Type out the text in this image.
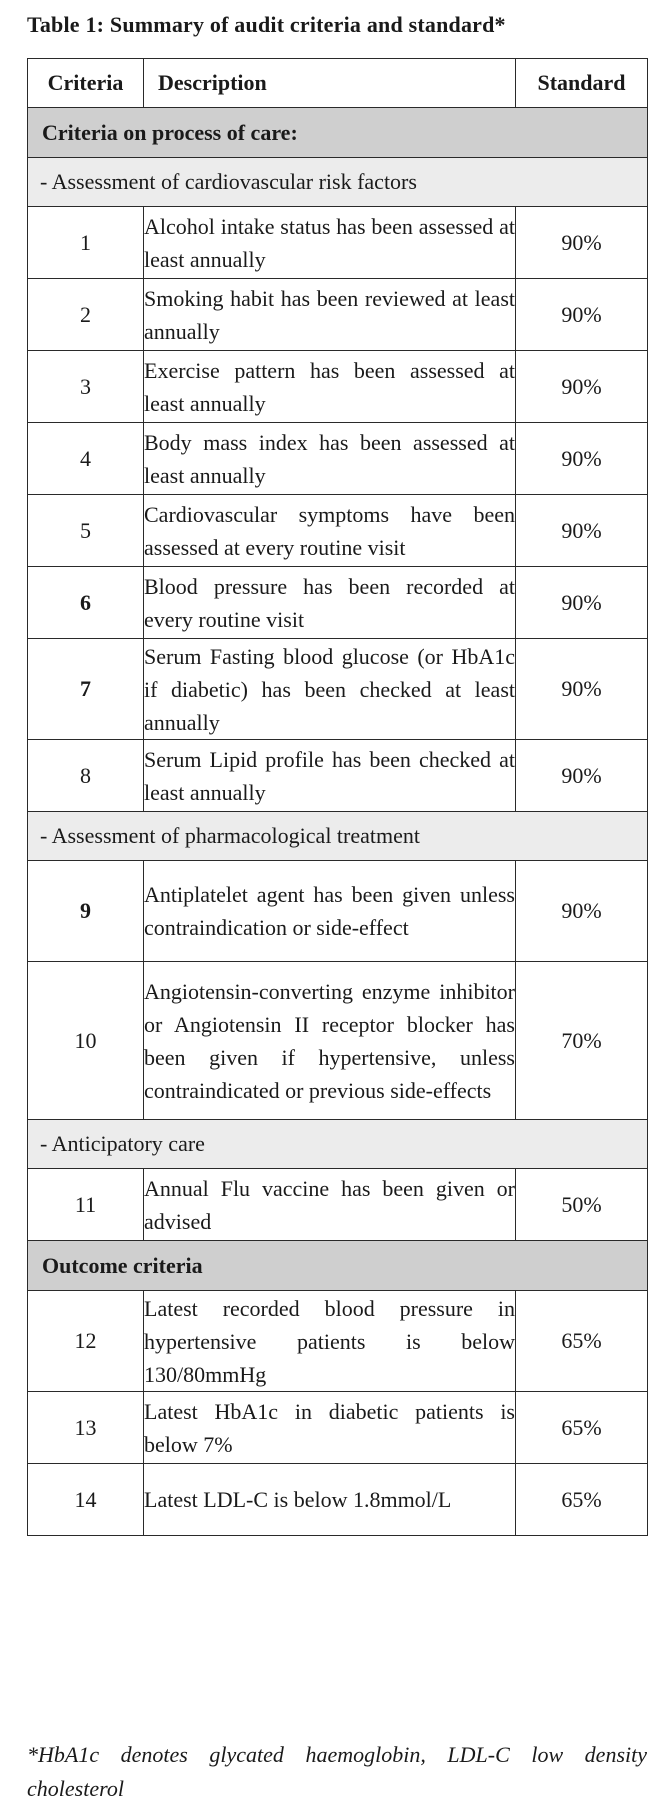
Table 1: Summary of audit criteria and standard*
Criteria	Description	Standard
Criteria on process of care:		
- Assessment of cardiovascular risk factors		
1	Alcohol intake status has been assessed at least annually	90%
2	Smoking habit has been reviewed at least annually	90%
3	Exercise pattern has been assessed at least annually	90%
4	Body mass index has been assessed at least annually	90%
5	Cardiovascular symptoms have been assessed at every routine visit	90%
6	Blood pressure has been recorded at every routine visit	90%
7	Serum Fasting blood glucose (or HbA1c if diabetic) has been checked at least annually	90%
8	Serum Lipid profile has been checked at least annually	90%
- Assessment of pharmacological treatment		
9	Antiplatelet agent has been given unless contraindication or side-effect	90%
10	Angiotensin-converting enzyme inhibitor or Angiotensin II receptor blocker has been given if hypertensive, unless contraindicated or previous side-effects	70%
- Anticipatory care		
11	Annual Flu vaccine has been given or advised	50%
Outcome criteria		
12	Latest recorded blood pressure in hypertensive patients is below 130/80mmHg	65%
13	Latest HbA1c in diabetic patients is below 7%	65%
14	Latest LDL-C is below 1.8mmol/L	65%
*HbA1c denotes glycated haemoglobin, LDL-C low density cholesterol
